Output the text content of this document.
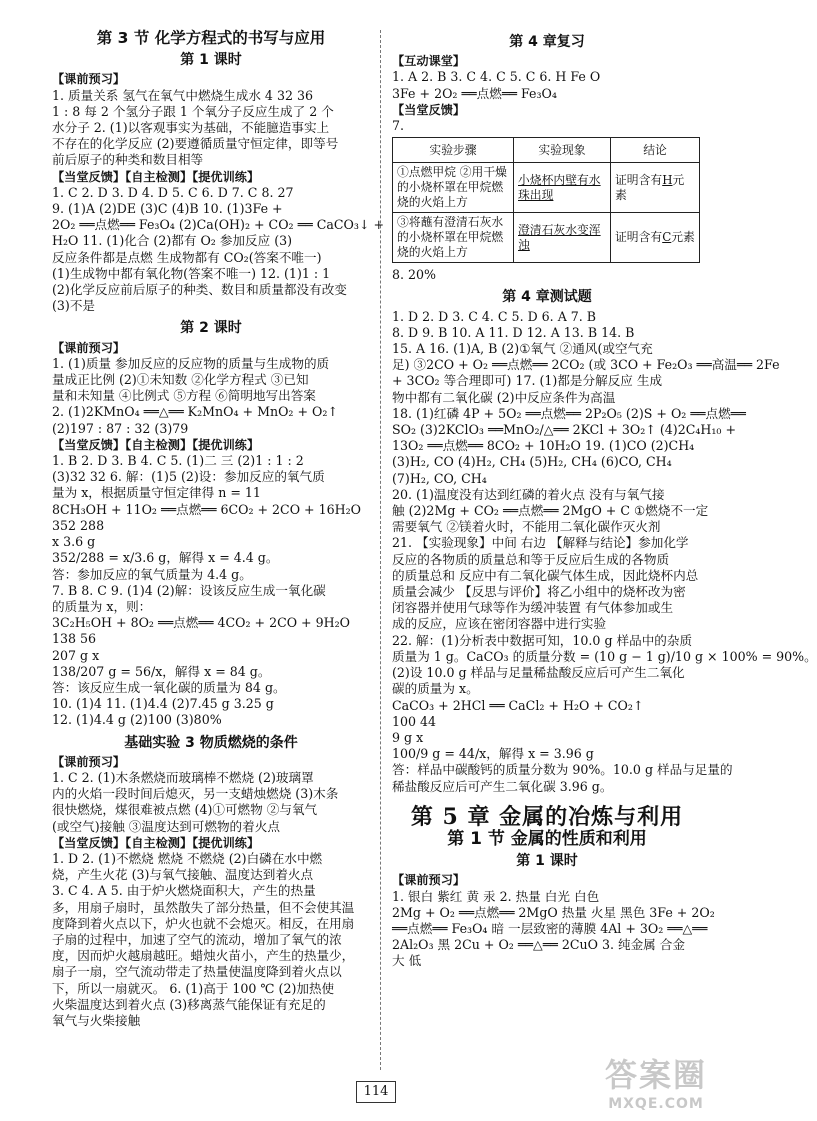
第 3 节 化学方程式的书写与应用
第 1 课时
【课前预习】
1. 质量关系 氢气在氧气中燃烧生成水 4 32 36
1 : 8 每 2 个氢分子跟 1 个氧分子反应生成了 2 个
水分子 2. (1)以客观事实为基础，不能臆造事实上
不存在的化学反应 (2)要遵循质量守恒定律，即等号
前后原子的种类和数目相等
【当堂反馈】【自主检测】【提优训练】
1. C 2. D 3. D 4. D 5. C 6. D 7. C 8. 27
9. (1)A (2)DE (3)C (4)B 10. (1)3Fe +
2O₂ ══点燃══ Fe₃O₄ (2)Ca(OH)₂ + CO₂ ══ CaCO₃↓ +
H₂O 11. (1)化合 (2)都有 O₂ 参加反应 (3)
反应条件都是点燃 生成物都有 CO₂(答案不唯一)
(1)生成物中都有氧化物(答案不唯一) 12. (1)1 : 1
(2)化学反应前后原子的种类、数目和质量都没有改变
(3)不是
第 2 课时
【课前预习】
1. (1)质量 参加反应的反应物的质量与生成物的质
量成正比例 (2)①未知数 ②化学方程式 ③已知
量和未知量 ④比例式 ⑤方程 ⑥简明地写出答案
2. (1)2KMnO₄ ══△══ K₂MnO₄ + MnO₂ + O₂↑
(2)197 : 87 : 32 (3)79
【当堂反馈】【自主检测】【提优训练】
1. B 2. D 3. B 4. C 5. (1)二 三 (2)1 : 1 : 2
(3)32 32 6. 解：(1)5 (2)设：参加反应的氧气质
量为 x，根据质量守恒定律得 n = 11
8CH₃OH + 11O₂ ══点燃══ 6CO₂ + 2CO + 16H₂O
352 288
x 3.6 g
352/288 = x/3.6 g，解得 x = 4.4 g。
答：参加反应的氧气质量为 4.4 g。
7. B 8. C 9. (1)4 (2)解：设该反应生成一氧化碳
的质量为 x，则：
3C₂H₅OH + 8O₂ ══点燃══ 4CO₂ + 2CO + 9H₂O
138 56
207 g x
138/207 g = 56/x，解得 x = 84 g。
答：该反应生成一氧化碳的质量为 84 g。
10. (1)4 11. (1)4.4 (2)7.45 g 3.25 g
12. (1)4.4 g (2)100 (3)80%
基础实验 3 物质燃烧的条件
【课前预习】
1. C 2. (1)木条燃烧而玻璃棒不燃烧 (2)玻璃罩
内的火焰一段时间后熄灭，另一支蜡烛燃烧 (3)木条
很快燃烧，煤很难被点燃 (4)①可燃物 ②与氧气
(或空气)接触 ③温度达到可燃物的着火点
【当堂反馈】【自主检测】【提优训练】
1. D 2. (1)不燃烧 燃烧 不燃烧 (2)白磷在水中燃
烧，产生火花 (3)与氧气接触、温度达到着火点
3. C 4. A 5. 由于炉火燃烧面积大，产生的热量
多，用扇子扇时，虽然散失了部分热量，但不会使其温
度降到着火点以下，炉火也就不会熄灭。相反，在用扇
子扇的过程中，加速了空气的流动，增加了氧气的浓
度，因而炉火越扇越旺。蜡烛火苗小，产生的热量少，
扇子一扇，空气流动带走了热量使温度降到着火点以
下，所以一扇就灭。 6. (1)高于 100 ℃ (2)加热使
火柴温度达到着火点 (3)移离蒸气能保证有充足的
氧气与火柴接触
第 4 章复习
【互动课堂】
1. A 2. B 3. C 4. C 5. C 6. H Fe O
3Fe + 2O₂ ══点燃══ Fe₃O₄
【当堂反馈】
7.
实验步骤	实验现象	结论
①点燃甲烷 ②用干燥的小烧杯罩在甲烷燃烧的火焰上方	小烧杯内壁有水珠出现	证明含有H元素
③将蘸有澄清石灰水的小烧杯罩在甲烷燃烧的火焰上方	澄清石灰水变浑浊	证明含有C元素
8. 20%
第 4 章测试题
1. D 2. D 3. C 4. C 5. D 6. A 7. B
8. D 9. B 10. A 11. D 12. A 13. B 14. B
15. A 16. (1)A, B (2)①氧气 ②通风(或空气充
足) ③2CO + O₂ ══点燃══ 2CO₂ (或 3CO + Fe₂O₃ ══高温══ 2Fe
+ 3CO₂ 等合理即可) 17. (1)都是分解反应 生成
物中都有二氧化碳 (2)中反应条件为高温
18. (1)红磷 4P + 5O₂ ══点燃══ 2P₂O₅ (2)S + O₂ ══点燃══
SO₂ (3)2KClO₃ ══MnO₂/△══ 2KCl + 3O₂↑ (4)2C₄H₁₀ +
13O₂ ══点燃══ 8CO₂ + 10H₂O 19. (1)CO (2)CH₄
(3)H₂, CO (4)H₂, CH₄ (5)H₂, CH₄ (6)CO, CH₄
(7)H₂, CO, CH₄
20. (1)温度没有达到红磷的着火点 没有与氧气接
触 (2)2Mg + CO₂ ══点燃══ 2MgO + C ①燃烧不一定
需要氧气 ②镁着火时，不能用二氧化碳作灭火剂
21. 【实验现象】中间 右边 【解释与结论】参加化学
反应的各物质的质量总和等于反应后生成的各物质
的质量总和 反应中有二氧化碳气体生成，因此烧杯内总
质量会减少 【反思与评价】将乙小组中的烧杯改为密
闭容器并使用气球等作为缓冲装置 有气体参加或生
成的反应，应该在密闭容器中进行实验
22. 解：(1)分析表中数据可知，10.0 g 样品中的杂质
质量为 1 g。CaCO₃ 的质量分数 = (10 g − 1 g)/10 g × 100% = 90%。
(2)设 10.0 g 样品与足量稀盐酸反应后可产生二氧化
碳的质量为 x。
CaCO₃ + 2HCl ══ CaCl₂ + H₂O + CO₂↑
100 44
9 g x
100/9 g = 44/x，解得 x = 3.96 g
答：样品中碳酸钙的质量分数为 90%。10.0 g 样品与足量的
稀盐酸反应后可产生二氧化碳 3.96 g。
第 5 章 金属的冶炼与利用
第 1 节 金属的性质和利用
第 1 课时
【课前预习】
1. 银白 紫红 黄 汞 2. 热量 白光 白色
2Mg + O₂ ══点燃══ 2MgO 热量 火星 黑色 3Fe + 2O₂
══点燃══ Fe₃O₄ 暗 一层致密的薄膜 4Al + 3O₂ ══△══
2Al₂O₃ 黑 2Cu + O₂ ══△══ 2CuO 3. 纯金属 合金
大 低
114	答案圈
MXQE.COM
